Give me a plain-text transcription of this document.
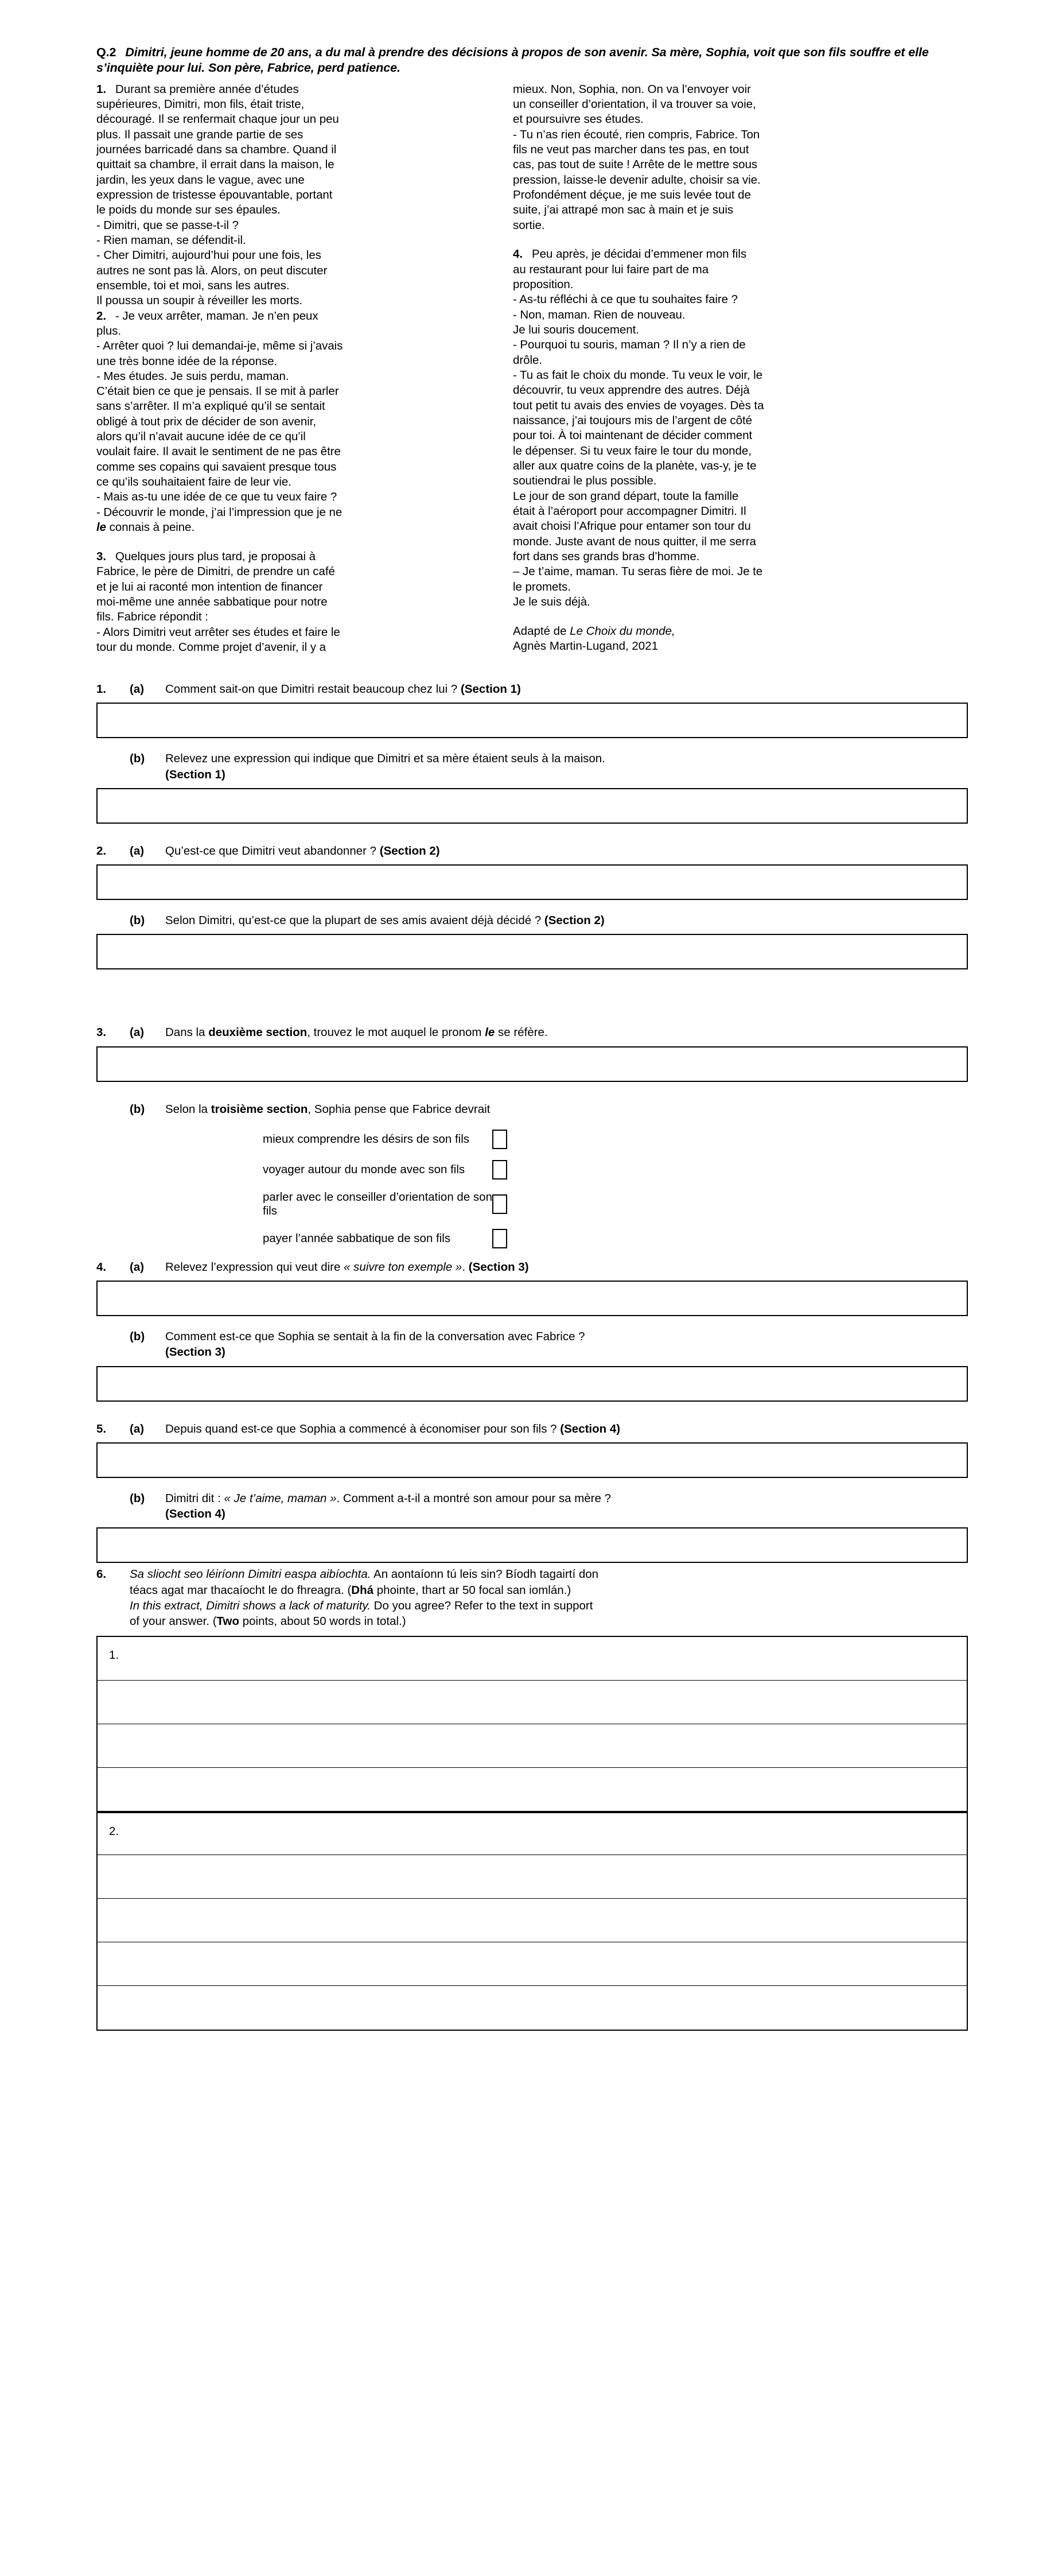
Q.2 Dimitri, jeune homme de 20 ans, a du mal à prendre des décisions à propos de son avenir. Sa mère, Sophia, voit que son fils souffre et elle s’inquiète pour lui. Son père, Fabrice, perd patience.

1. Durant sa première année d’études
supérieures, Dimitri, mon fils, était triste,
découragé. Il se renfermait chaque jour un peu
plus. Il passait une grande partie de ses
journées barricadé dans sa chambre. Quand il
quittait sa chambre, il errait dans la maison, le
jardin, les yeux dans le vague, avec une
expression de tristesse épouvantable, portant
le poids du monde sur ses épaules.
- Dimitri, que se passe-t-il ?
- Rien maman, se défendit-il.
- Cher Dimitri, aujourd’hui pour une fois, les
autres ne sont pas là. Alors, on peut discuter
ensemble, toi et moi, sans les autres.
Il poussa un soupir à réveiller les morts.

2. - Je veux arrêter, maman. Je n’en peux
plus.
- Arrêter quoi ? lui demandai-je, même si j’avais
une très bonne idée de la réponse.
- Mes études. Je suis perdu, maman.
C’était bien ce que je pensais. Il se mit à parler
sans s’arrêter. Il m’a expliqué qu’il se sentait
obligé à tout prix de décider de son avenir,
alors qu’il n’avait aucune idée de ce qu’il
voulait faire. Il avait le sentiment de ne pas être
comme ses copains qui savaient presque tous
ce qu’ils souhaitaient faire de leur vie.
- Mais as-tu une idée de ce que tu veux faire ?
- Découvrir le monde, j’ai l’impression que je ne
le connais à peine.

3. Quelques jours plus tard, je proposai à
Fabrice, le père de Dimitri, de prendre un café
et je lui ai raconté mon intention de financer
moi-même une année sabbatique pour notre
fils. Fabrice répondit :
- Alors Dimitri veut arrêter ses études et faire le
tour du monde. Comme projet d’avenir, il y a

mieux. Non, Sophia, non. On va l’envoyer voir
un conseiller d’orientation, il va trouver sa voie,
et poursuivre ses études.
- Tu n’as rien écouté, rien compris, Fabrice. Ton
fils ne veut pas marcher dans tes pas, en tout
cas, pas tout de suite ! Arrête de le mettre sous
pression, laisse-le devenir adulte, choisir sa vie.
Profondément déçue, je me suis levée tout de
suite, j’ai attrapé mon sac à main et je suis
sortie.

4. Peu après, je décidai d’emmener mon fils
au restaurant pour lui faire part de ma
proposition.
- As-tu réfléchi à ce que tu souhaites faire ?
- Non, maman. Rien de nouveau.
Je lui souris doucement.
- Pourquoi tu souris, maman ? Il n’y a rien de
drôle.
- Tu as fait le choix du monde. Tu veux le voir, le
découvrir, tu veux apprendre des autres. Déjà
tout petit tu avais des envies de voyages. Dès ta
naissance, j’ai toujours mis de l’argent de côté
pour toi. À toi maintenant de décider comment
le dépenser. Si tu veux faire le tour du monde,
aller aux quatre coins de la planète, vas-y, je te
soutiendrai le plus possible.
Le jour de son grand départ, toute la famille
était à l’aéroport pour accompagner Dimitri. Il
avait choisi l’Afrique pour entamer son tour du
monde. Juste avant de nous quitter, il me serra
fort dans ses grands bras d’homme.
– Je t’aime, maman. Tu seras fière de moi. Je te
le promets.
Je le suis déjà.

Adapté de Le Choix du monde,
Agnès Martin-Lugand, 2021

1.	(a)	Comment sait-on que Dimitri restait beaucoup chez lui ? (Section 1)
(b)	Relevez une expression qui indique que Dimitri et sa mère étaient seuls à la maison.
(Section 1)
2.	(a)	Qu’est-ce que Dimitri veut abandonner ? (Section 2)
(b)	Selon Dimitri, qu’est-ce que la plupart de ses amis avaient déjà décidé ? (Section 2)
3.	(a)	Dans la deuxième section, trouvez le mot auquel le pronom le se réfère.
(b)	Selon la troisième section, Sophia pense que Fabrice devrait
mieux comprendre les désirs de son fils
voyager autour du monde avec son fils
parler avec le conseiller d’orientation de son fils
payer l’année sabbatique de son fils
4.	(a)	Relevez l’expression qui veut dire « suivre ton exemple ». (Section 3)
(b)	Comment est-ce que Sophia se sentait à la fin de la conversation avec Fabrice ?
(Section 3)
5.	(a)	Depuis quand est-ce que Sophia a commencé à économiser pour son fils ? (Section 4)
(b)	Dimitri dit : « Je t’aime, maman ». Comment a-t-il a montré son amour pour sa mère ?
(Section 4)
6.	Sa sliocht seo léiríonn Dimitri easpa aibíochta. An aontaíonn tú leis sin? Bíodh tagairtí don
téacs agat mar thacaíocht le do fhreagra. (Dhá phointe, thart ar 50 focal san iomlán.)
In this extract, Dimitri shows a lack of maturity. Do you agree? Refer to the text in support
of your answer. (Two points, about 50 words in total.)
1.
2.
